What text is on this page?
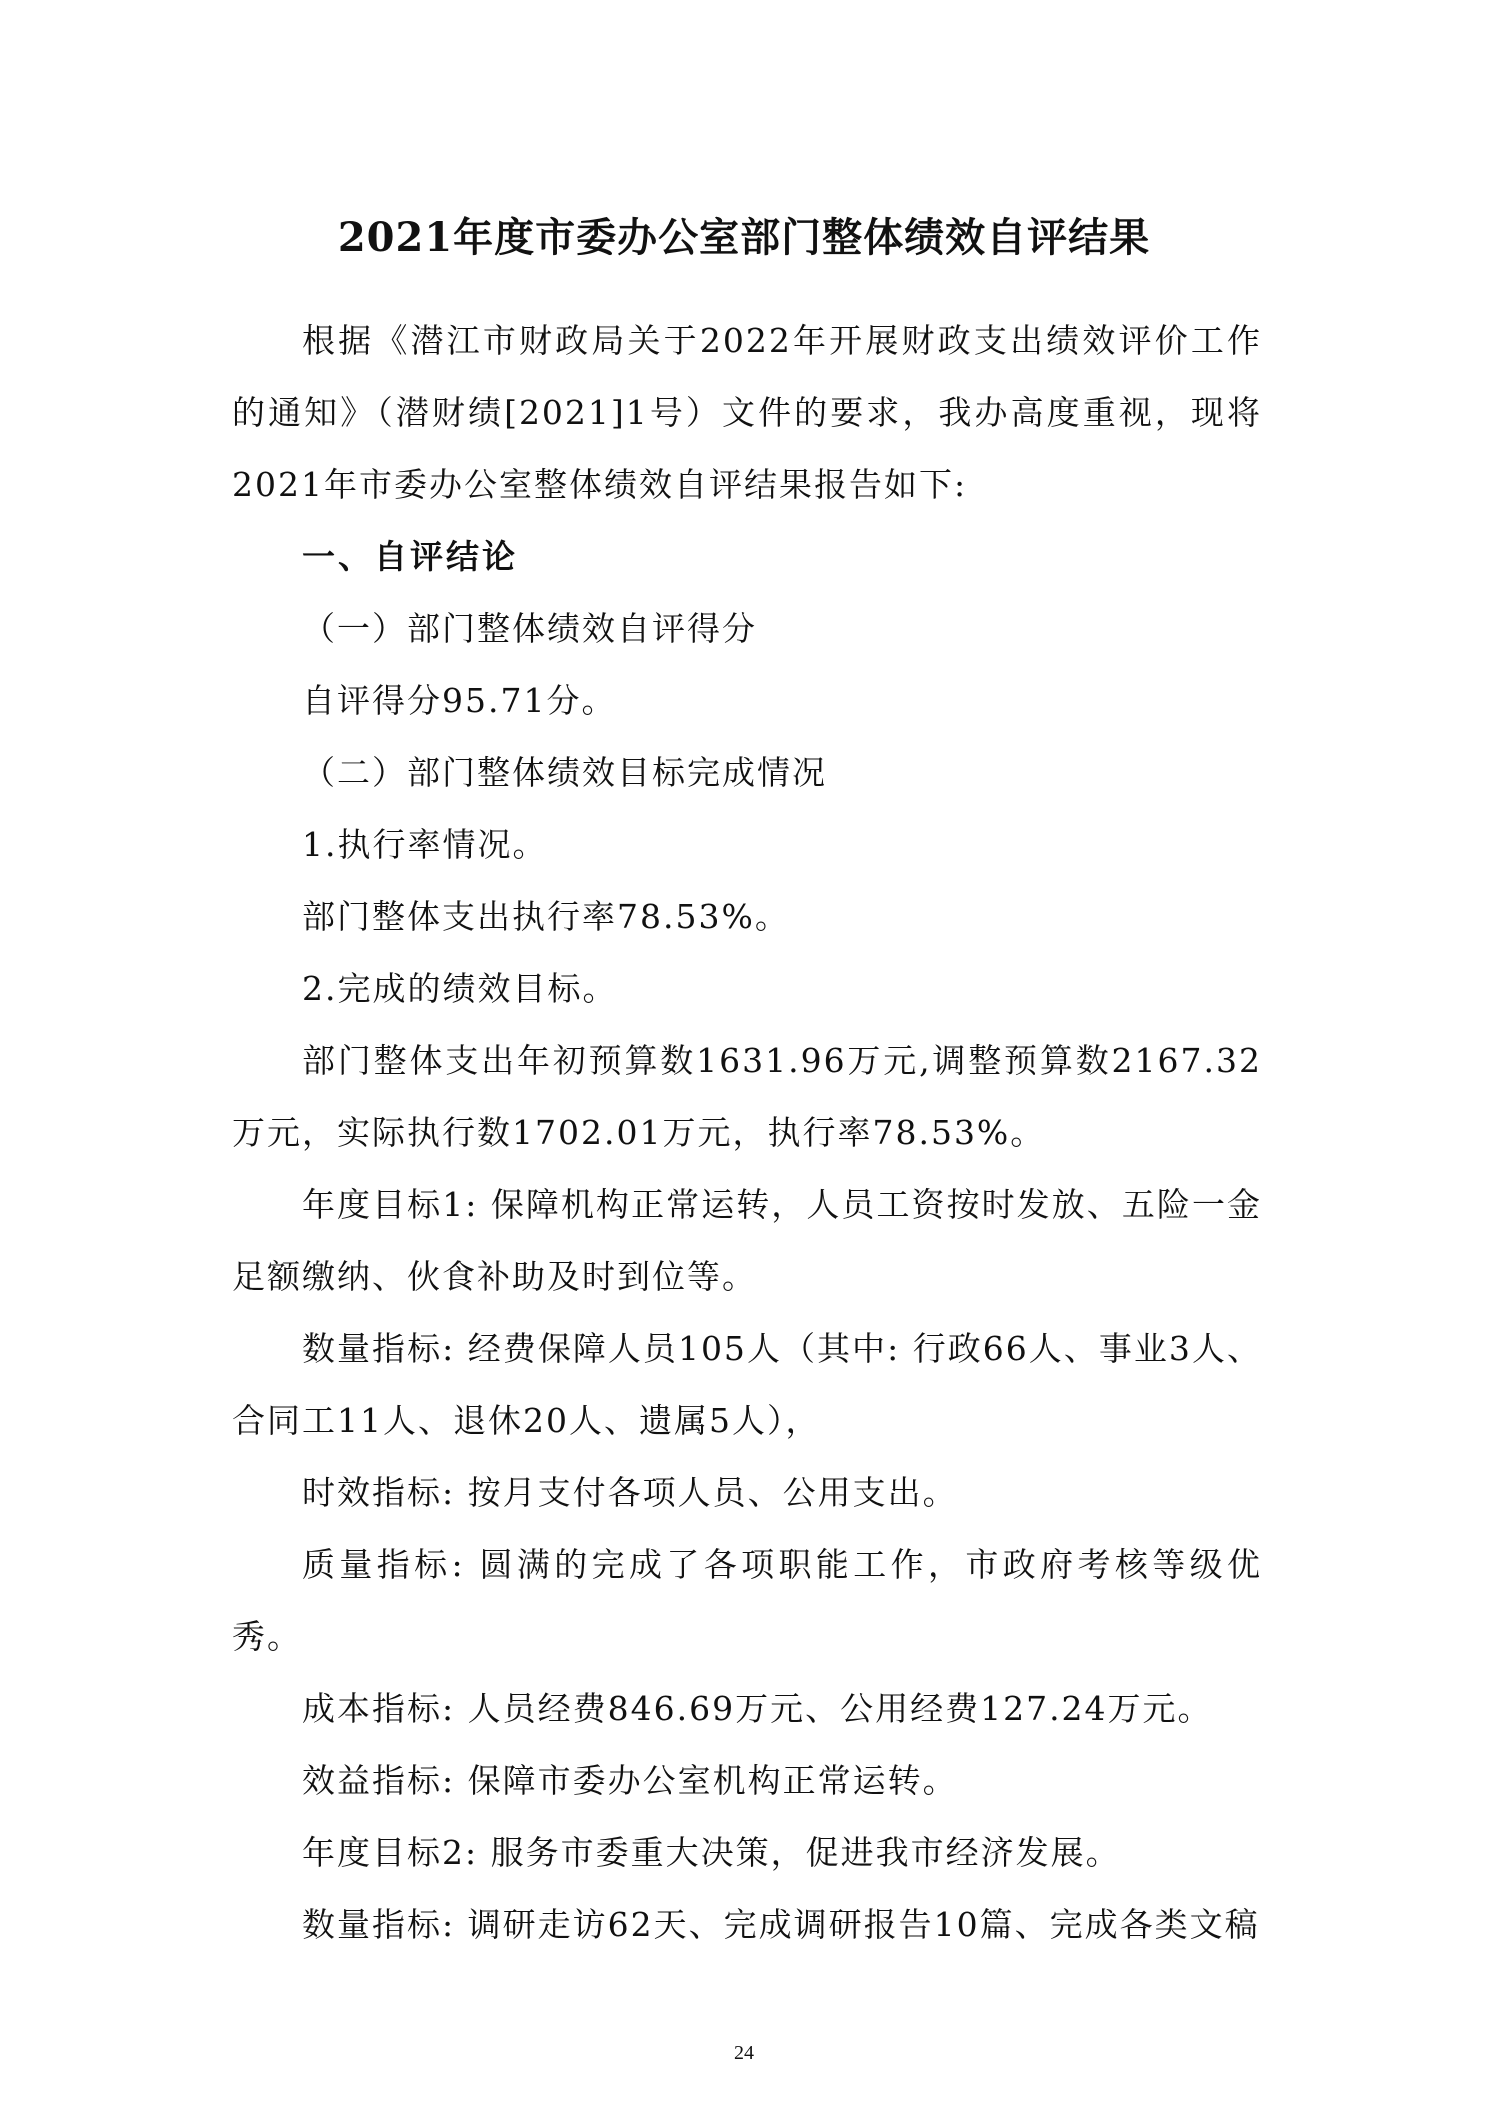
2021年度市委办公室部门整体绩效自评结果

根据《潜江市财政局关于2022年开展财政支出绩效评价工作的通知》（潜财绩[2021]1号）文件的要求，我办高度重视，现将2021年市委办公室整体绩效自评结果报告如下:

一、自评结论

（一）部门整体绩效自评得分

自评得分95.71分。

（二）部门整体绩效目标完成情况

1.执行率情况。

部门整体支出执行率78.53%。

2.完成的绩效目标。

部门整体支出年初预算数1631.96万元,调整预算数2167.32万元，实际执行数1702.01万元，执行率78.53%。

年度目标1: 保障机构正常运转，人员工资按时发放、五险一金足额缴纳、伙食补助及时到位等。

数量指标: 经费保障人员105人（其中: 行政66人、事业3人、合同工11人、退休20人、遗属5人），

时效指标: 按月支付各项人员、公用支出。

质量指标: 圆满的完成了各项职能工作，市政府考核等级优秀。

成本指标: 人员经费846.69万元、公用经费127.24万元。

效益指标: 保障市委办公室机构正常运转。

年度目标2: 服务市委重大决策，促进我市经济发展。

数量指标: 调研走访62天、完成调研报告10篇、完成各类文稿

24
